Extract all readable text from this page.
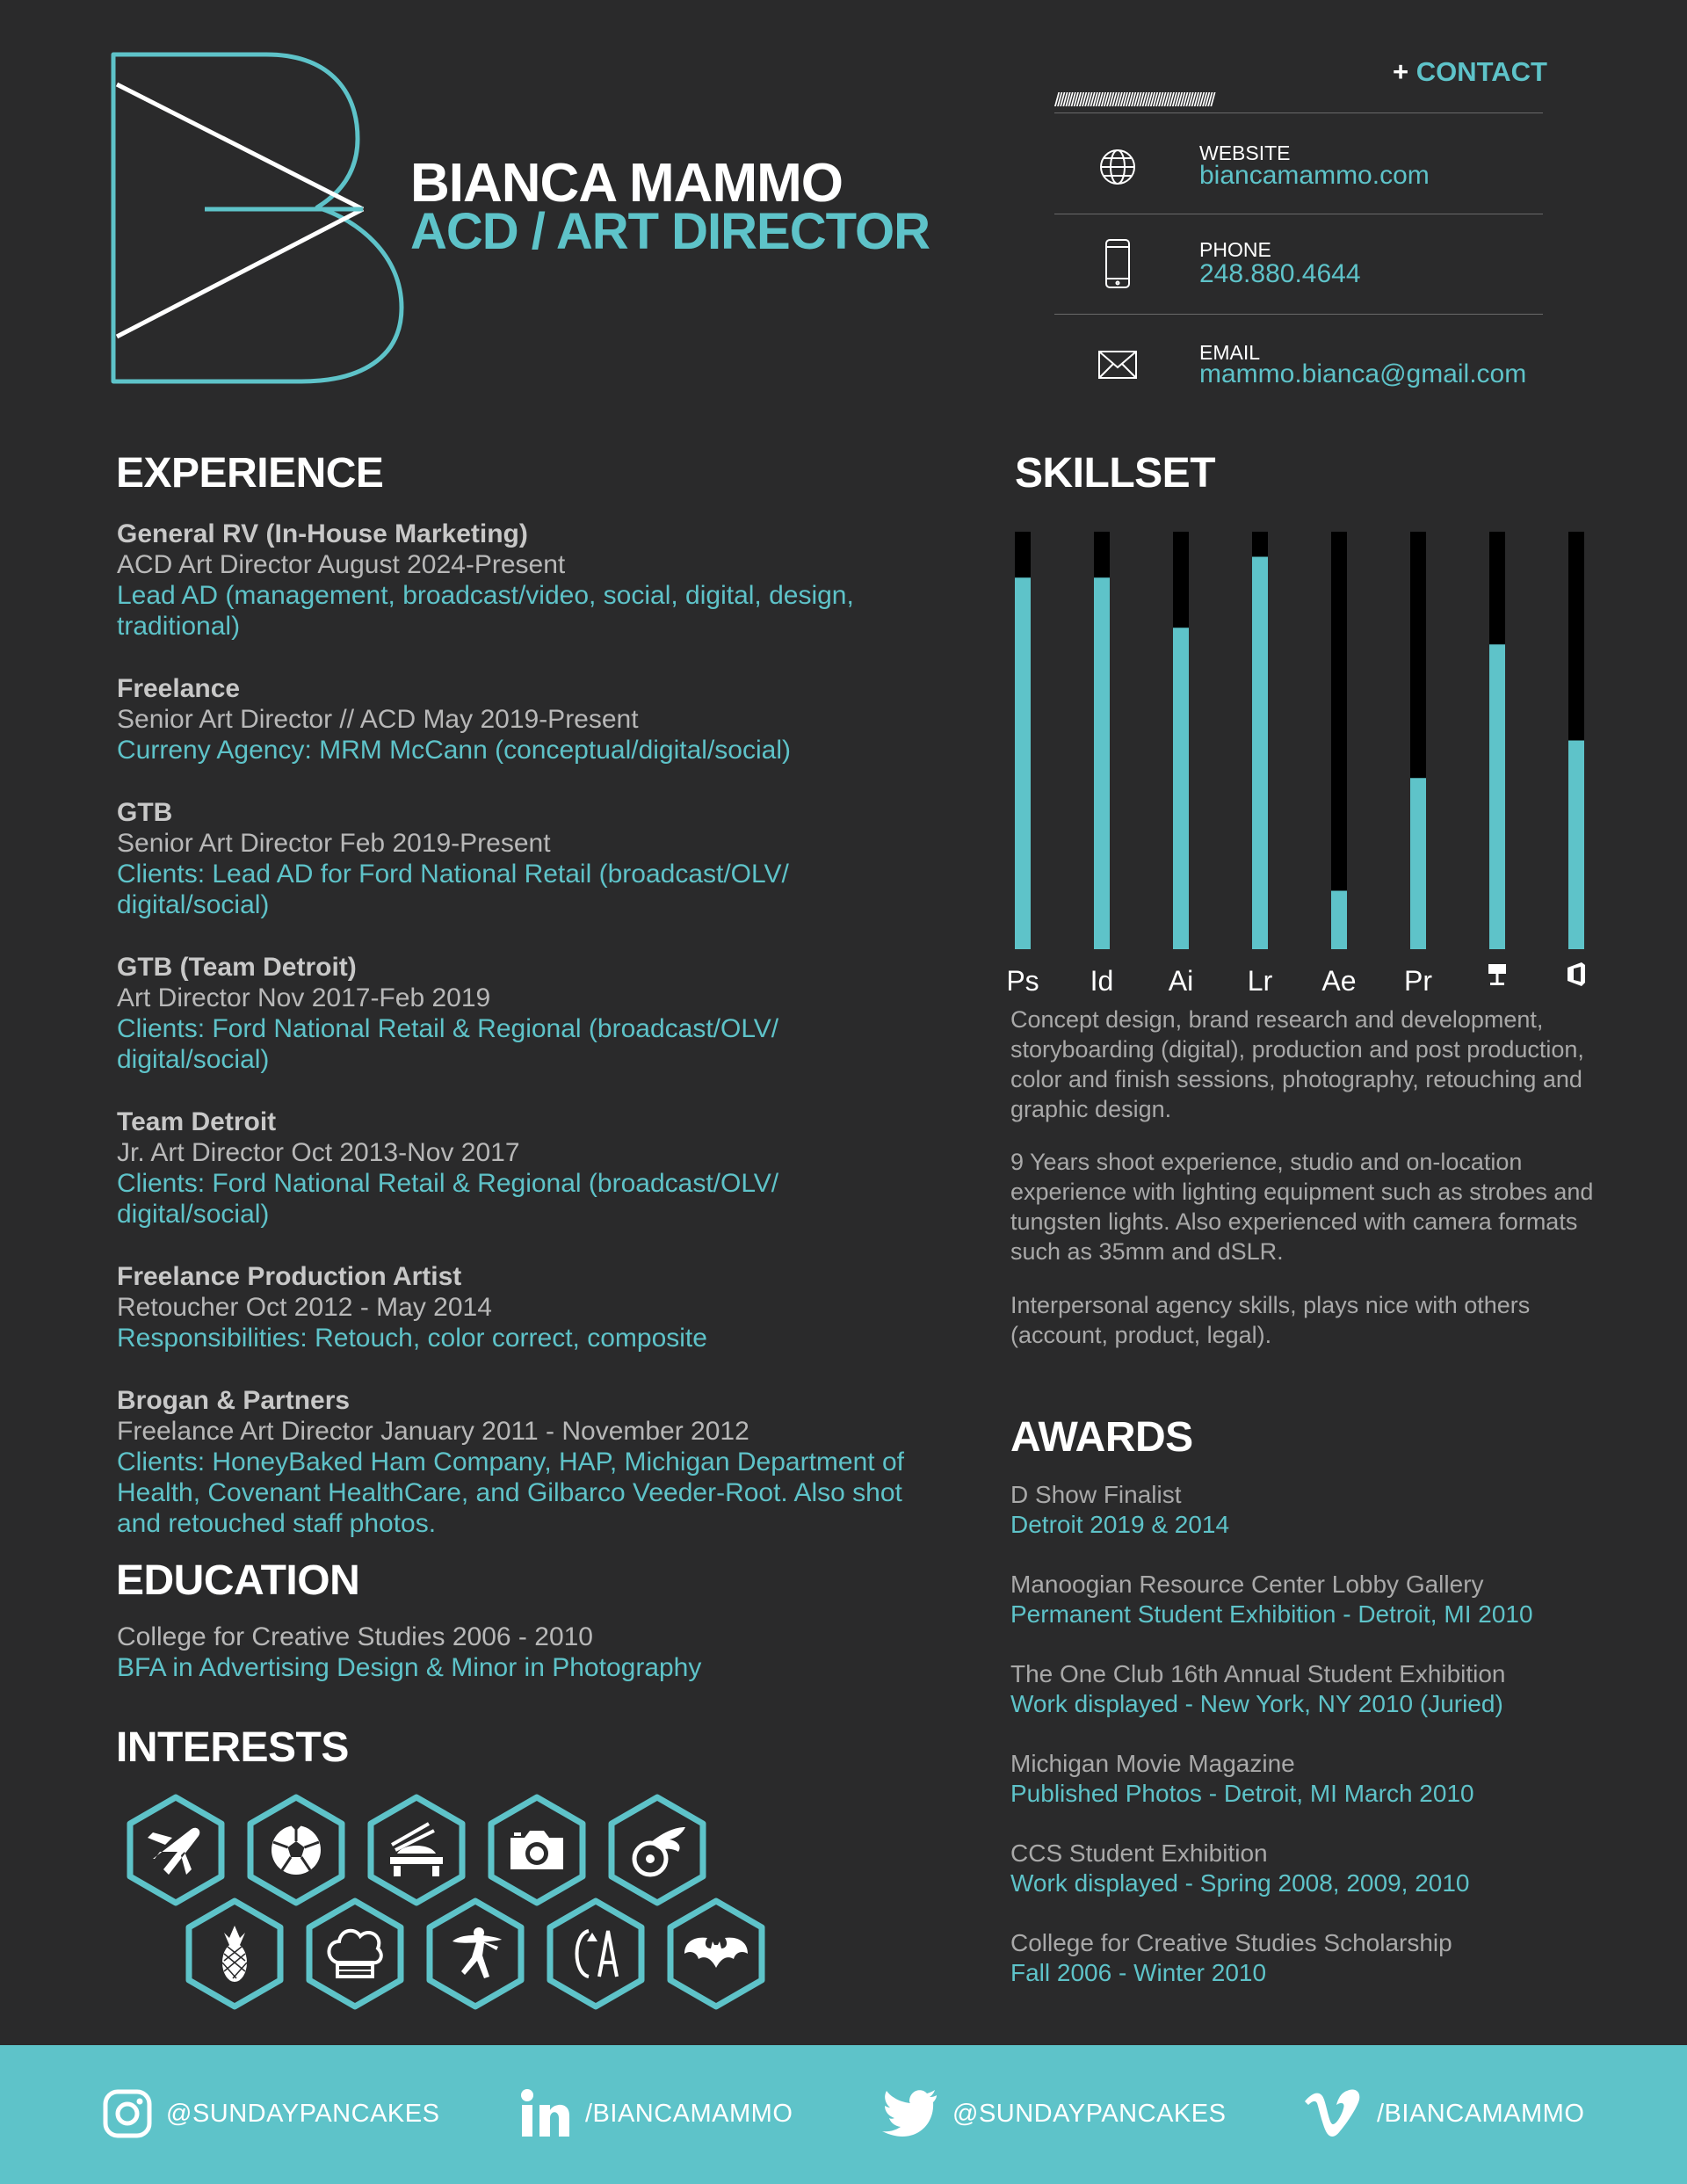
BIANCA MAMMO
ACD / ART DIRECTOR
+ CONTACT
//////////////////////////////////////////////////////////
WEBSITE
biancamammo.com
PHONE
248.880.4644
EMAIL
mammo.bianca@gmail.com
EXPERIENCE
General RV (In-House Marketing)
ACD Art Director August 2024-Present
Lead AD (management, broadcast/video, social, digital, design, traditional)
Freelance
Senior Art Director // ACD May 2019-Present
Curreny Agency: MRM McCann (conceptual/digital/social)
GTB
Senior Art Director Feb 2019-Present
Clients: Lead AD for Ford National Retail (broadcast/OLV/ digital/social)
GTB (Team Detroit)
Art Director Nov 2017-Feb 2019
Clients: Ford National Retail & Regional (broadcast/OLV/ digital/social)
Team Detroit
Jr. Art Director Oct 2013-Nov 2017
Clients: Ford National Retail & Regional (broadcast/OLV/ digital/social)
Freelance Production Artist
Retoucher Oct 2012 - May 2014
Responsibilities: Retouch, color correct, composite
Brogan & Partners
Freelance Art Director January 2011 - November 2012
Clients: HoneyBaked Ham Company, HAP, Michigan Department of Health, Covenant HealthCare, and Gilbarco Veeder-Root. Also shot and retouched staff photos.
EDUCATION
College for Creative Studies 2006 - 2010
BFA in Advertising Design & Minor in Photography
INTERESTS
SKILLSET
Ps Id Ai Lr Ae Pr
Concept design, brand research and development, storyboarding (digital), production and post production, color and finish sessions, photography, retouching and graphic design.
9 Years shoot experience, studio and on-location experience with lighting equipment such as strobes and tungsten lights. Also experienced with camera formats such as 35mm and dSLR.
Interpersonal agency skills, plays nice with others (account, product, legal).
AWARDS
D Show Finalist
Detroit 2019 & 2014
Manoogian Resource Center Lobby Gallery
Permanent Student Exhibition - Detroit, MI 2010
The One Club 16th Annual Student Exhibition
Work displayed - New York, NY 2010 (Juried)
Michigan Movie Magazine
Published Photos - Detroit, MI March 2010
CCS Student Exhibition
Work displayed - Spring 2008, 2009, 2010
College for Creative Studies Scholarship
Fall 2006 - Winter 2010
@SUNDAYPANCAKES	/BIANCAMAMMO	@SUNDAYPANCAKES	/BIANCAMAMMO
